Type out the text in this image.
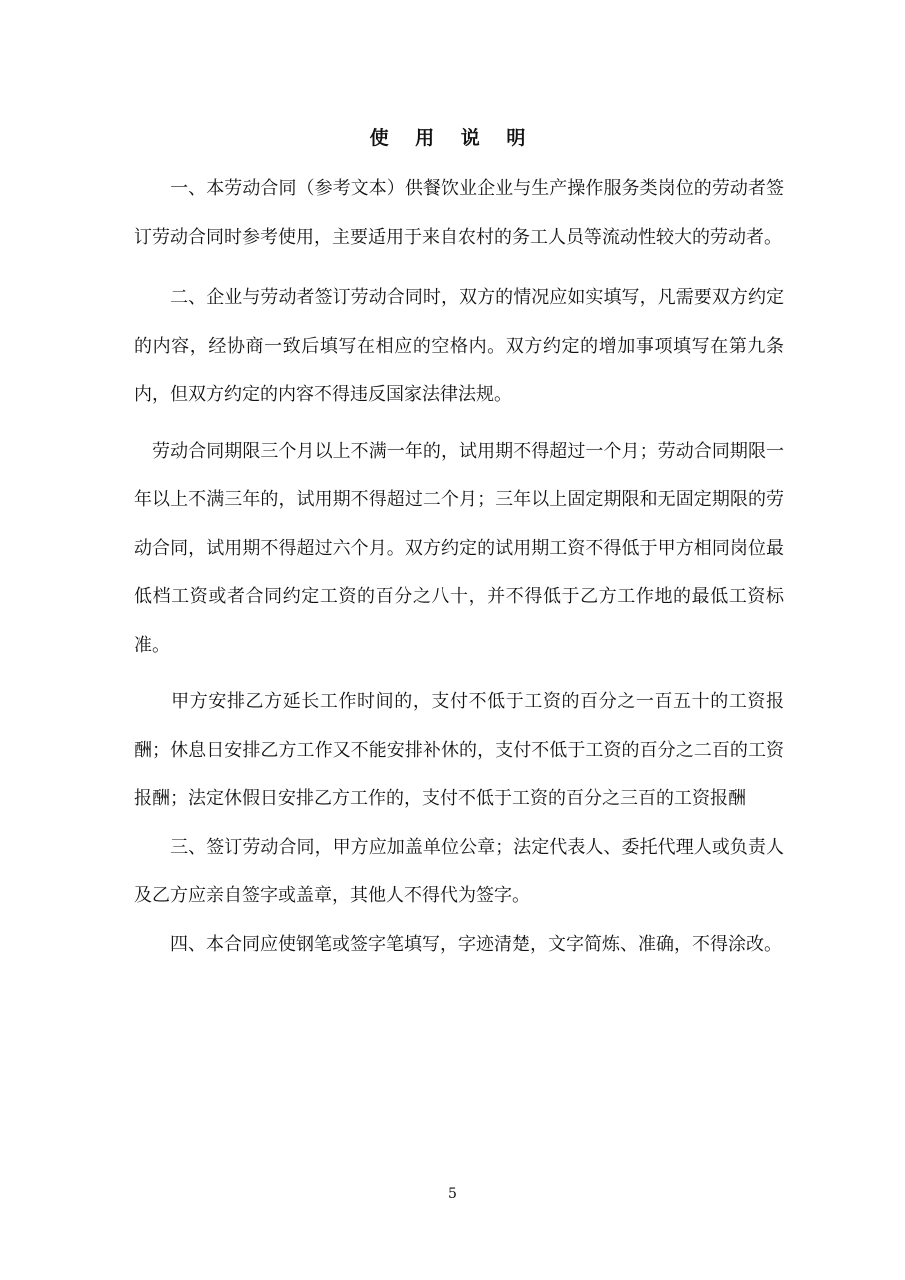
使 用 说 明

　　一、本劳动合同（参考文本）供餐饮业企业与生产操作服务类岗位的劳动者签订劳动合同时参考使用，主要适用于来自农村的务工人员等流动性较大的劳动者。

　　二、企业与劳动者签订劳动合同时，双方的情况应如实填写，凡需要双方约定的内容，经协商一致后填写在相应的空格内。双方约定的增加事项填写在第九条内，但双方约定的内容不得违反国家法律法规。

　劳动合同期限三个月以上不满一年的，试用期不得超过一个月；劳动合同期限一年以上不满三年的，试用期不得超过二个月；三年以上固定期限和无固定期限的劳动合同，试用期不得超过六个月。双方约定的试用期工资不得低于甲方相同岗位最低档工资或者合同约定工资的百分之八十，并不得低于乙方工作地的最低工资标准。

　　甲方安排乙方延长工作时间的，支付不低于工资的百分之一百五十的工资报酬；休息日安排乙方工作又不能安排补休的，支付不低于工资的百分之二百的工资报酬；法定休假日安排乙方工作的，支付不低于工资的百分之三百的工资报酬

　　三、签订劳动合同，甲方应加盖单位公章；法定代表人、委托代理人或负责人及乙方应亲自签字或盖章，其他人不得代为签字。

　　四、本合同应使钢笔或签字笔填写，字迹清楚，文字简炼、准确，不得涂改。

5
